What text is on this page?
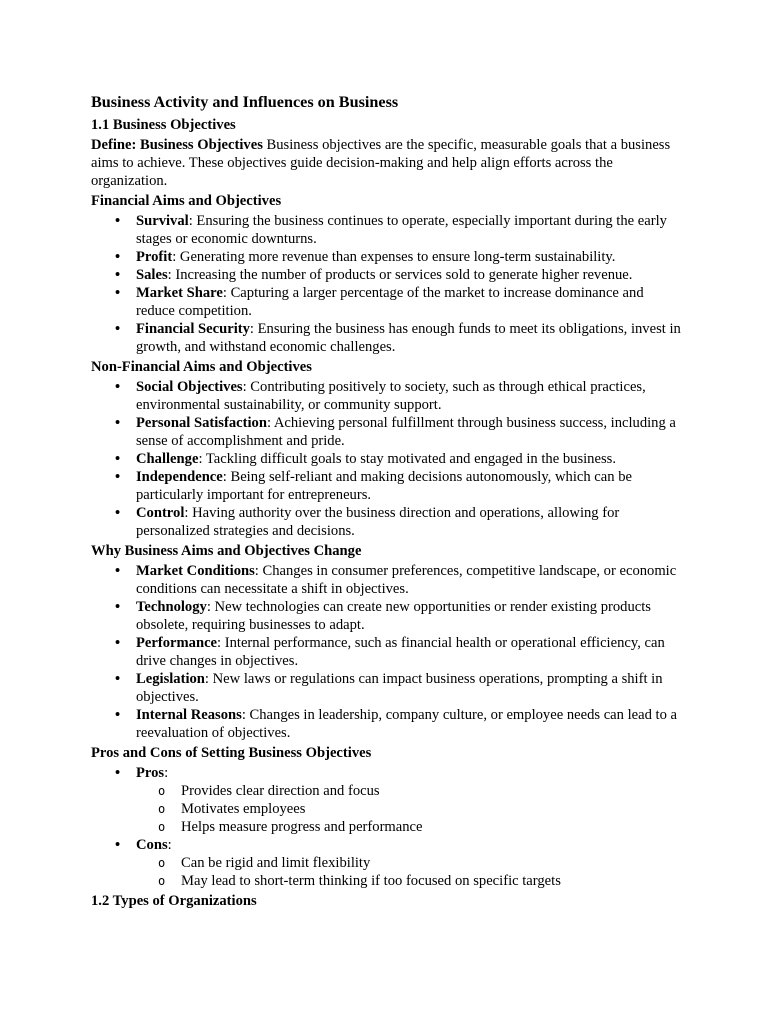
Business Activity and Influences on Business
1.1 Business Objectives

Define: Business Objectives Business objectives are the specific, measurable goals that a business aims to achieve. These objectives guide decision-making and help align efforts across the organization.

Financial Aims and Objectives
• Survival: Ensuring the business continues to operate, especially important during the early stages or economic downturns.
• Profit: Generating more revenue than expenses to ensure long-term sustainability.
• Sales: Increasing the number of products or services sold to generate higher revenue.
• Market Share: Capturing a larger percentage of the market to increase dominance and reduce competition.
• Financial Security: Ensuring the business has enough funds to meet its obligations, invest in growth, and withstand economic challenges.
Non-Financial Aims and Objectives
• Social Objectives: Contributing positively to society, such as through ethical practices, environmental sustainability, or community support.
• Personal Satisfaction: Achieving personal fulfillment through business success, including a sense of accomplishment and pride.
• Challenge: Tackling difficult goals to stay motivated and engaged in the business.
• Independence: Being self-reliant and making decisions autonomously, which can be particularly important for entrepreneurs.
• Control: Having authority over the business direction and operations, allowing for personalized strategies and decisions.
Why Business Aims and Objectives Change
• Market Conditions: Changes in consumer preferences, competitive landscape, or economic conditions can necessitate a shift in objectives.
• Technology: New technologies can create new opportunities or render existing products obsolete, requiring businesses to adapt.
• Performance: Internal performance, such as financial health or operational efficiency, can drive changes in objectives.
• Legislation: New laws or regulations can impact business operations, prompting a shift in objectives.
• Internal Reasons: Changes in leadership, company culture, or employee needs can lead to a reevaluation of objectives.
Pros and Cons of Setting Business Objectives
• Pros:
o Provides clear direction and focus
o Motivates employees
o Helps measure progress and performance
• Cons:
o Can be rigid and limit flexibility
o May lead to short-term thinking if too focused on specific targets
1.2 Types of Organizations
